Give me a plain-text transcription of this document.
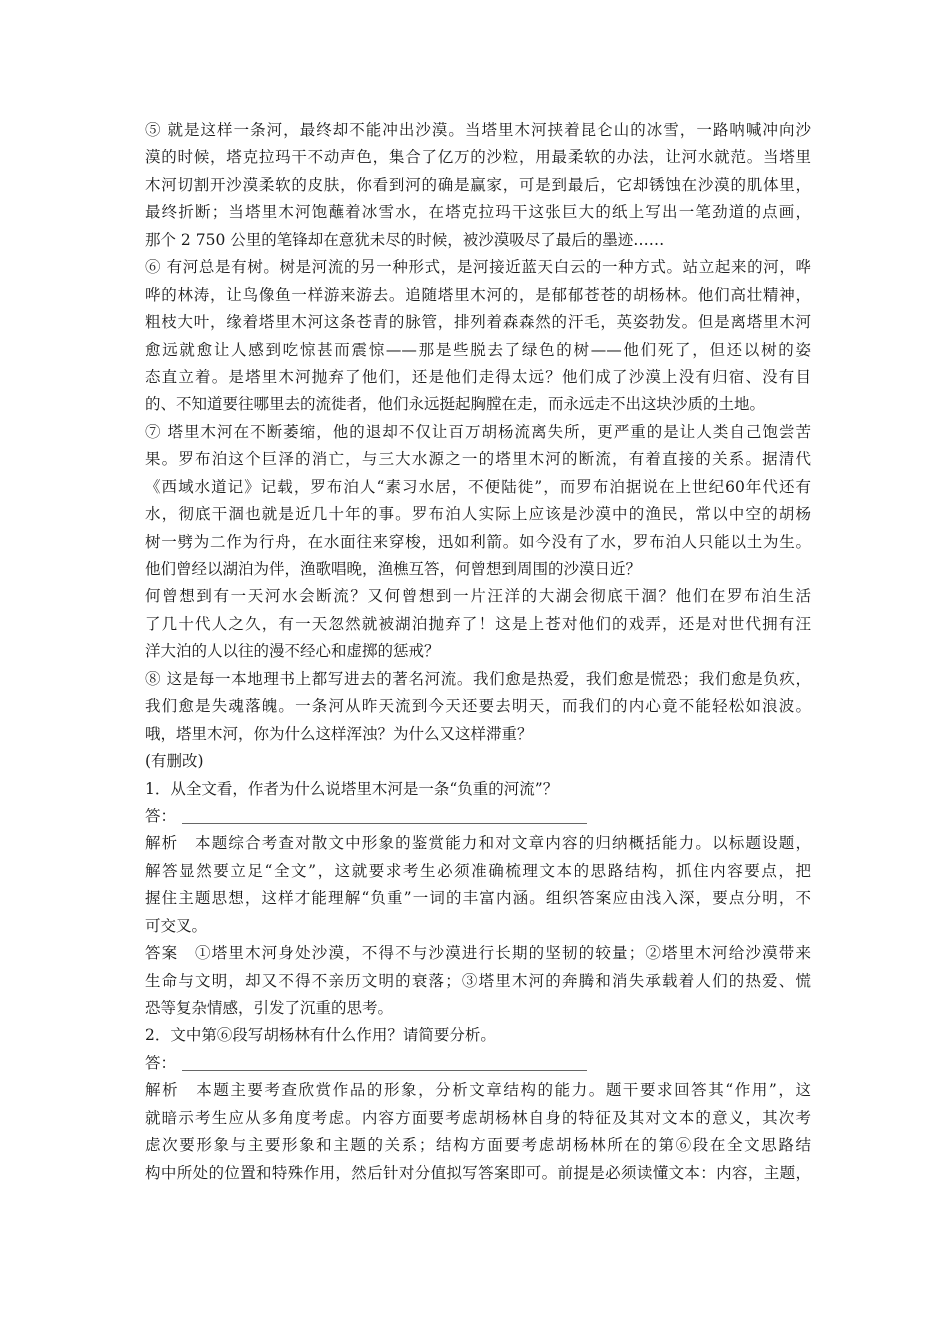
⑤ 就是这样一条河，最终却不能冲出沙漠。当塔里木河挟着昆仑山的冰雪，一路呐喊冲向沙
漠的时候，塔克拉玛干不动声色，集合了亿万的沙粒，用最柔软的办法，让河水就范。当塔里
木河切割开沙漠柔软的皮肤，你看到河的确是赢家，可是到最后，它却锈蚀在沙漠的肌体里，
最终折断；当塔里木河饱蘸着冰雪水，在塔克拉玛干这张巨大的纸上写出一笔劲道的点画，
那个 2 750 公里的笔锋却在意犹未尽的时候，被沙漠吸尽了最后的墨迹……
⑥ 有河总是有树。树是河流的另一种形式，是河接近蓝天白云的一种方式。站立起来的河，哗
哗的林涛，让鸟像鱼一样游来游去。追随塔里木河的，是郁郁苍苍的胡杨林。他们高壮精神，
粗枝大叶，缘着塔里木河这条苍青的脉管，排列着森森然的汗毛，英姿勃发。但是离塔里木河
愈远就愈让人感到吃惊甚而震惊——那是些脱去了绿色的树——他们死了，但还以树的姿
态直立着。是塔里木河抛弃了他们，还是他们走得太远？他们成了沙漠上没有归宿、没有目
的、不知道要往哪里去的流徙者，他们永远挺起胸膛在走，而永远走不出这块沙质的土地。
⑦ 塔里木河在不断萎缩，他的退却不仅让百万胡杨流离失所，更严重的是让人类自己饱尝苦
果。罗布泊这个巨泽的消亡，与三大水源之一的塔里木河的断流，有着直接的关系。据清代
《西域水道记》记载，罗布泊人“素习水居，不便陆徙”，而罗布泊据说在上世纪60年代还有
水，彻底干涸也就是近几十年的事。罗布泊人实际上应该是沙漠中的渔民，常以中空的胡杨
树一劈为二作为行舟，在水面往来穿梭，迅如利箭。如今没有了水，罗布泊人只能以土为生。
他们曾经以湖泊为伴，渔歌唱晚，渔樵互答，何曾想到周围的沙漠日近？
何曾想到有一天河水会断流？又何曾想到一片汪洋的大湖会彻底干涸？他们在罗布泊生活
了几十代人之久，有一天忽然就被湖泊抛弃了！这是上苍对他们的戏弄，还是对世代拥有汪
洋大泊的人以往的漫不经心和虚掷的惩戒？
⑧ 这是每一本地理书上都写进去的著名河流。我们愈是热爱，我们愈是慌恐；我们愈是负疚，
我们愈是失魂落魄。一条河从昨天流到今天还要去明天，而我们的内心竟不能轻松如浪波。
哦，塔里木河，你为什么这样浑浊？为什么又这样滞重？
(有删改)
1．从全文看，作者为什么说塔里木河是一条“负重的河流”？
答：
解析　本题综合考查对散文中形象的鉴赏能力和对文章内容的归纳概括能力。以标题设题，
解答显然要立足“全文”，这就要求考生必须准确梳理文本的思路结构，抓住内容要点，把
握住主题思想，这样才能理解“负重”一词的丰富内涵。组织答案应由浅入深，要点分明，不
可交叉。
答案　①塔里木河身处沙漠，不得不与沙漠进行长期的坚韧的较量；②塔里木河给沙漠带来
生命与文明，却又不得不亲历文明的衰落；③塔里木河的奔腾和消失承载着人们的热爱、慌
恐等复杂情感，引发了沉重的思考。
2．文中第⑥段写胡杨林有什么作用？请简要分析。
答：
解析　本题主要考查欣赏作品的形象，分析文章结构的能力。题干要求回答其“作用”，这
就暗示考生应从多角度考虑。内容方面要考虑胡杨林自身的特征及其对文本的意义，其次考
虑次要形象与主要形象和主题的关系；结构方面要考虑胡杨林所在的第⑥段在全文思路结
构中所处的位置和特殊作用，然后针对分值拟写答案即可。前提是必须读懂文本：内容，主题，
